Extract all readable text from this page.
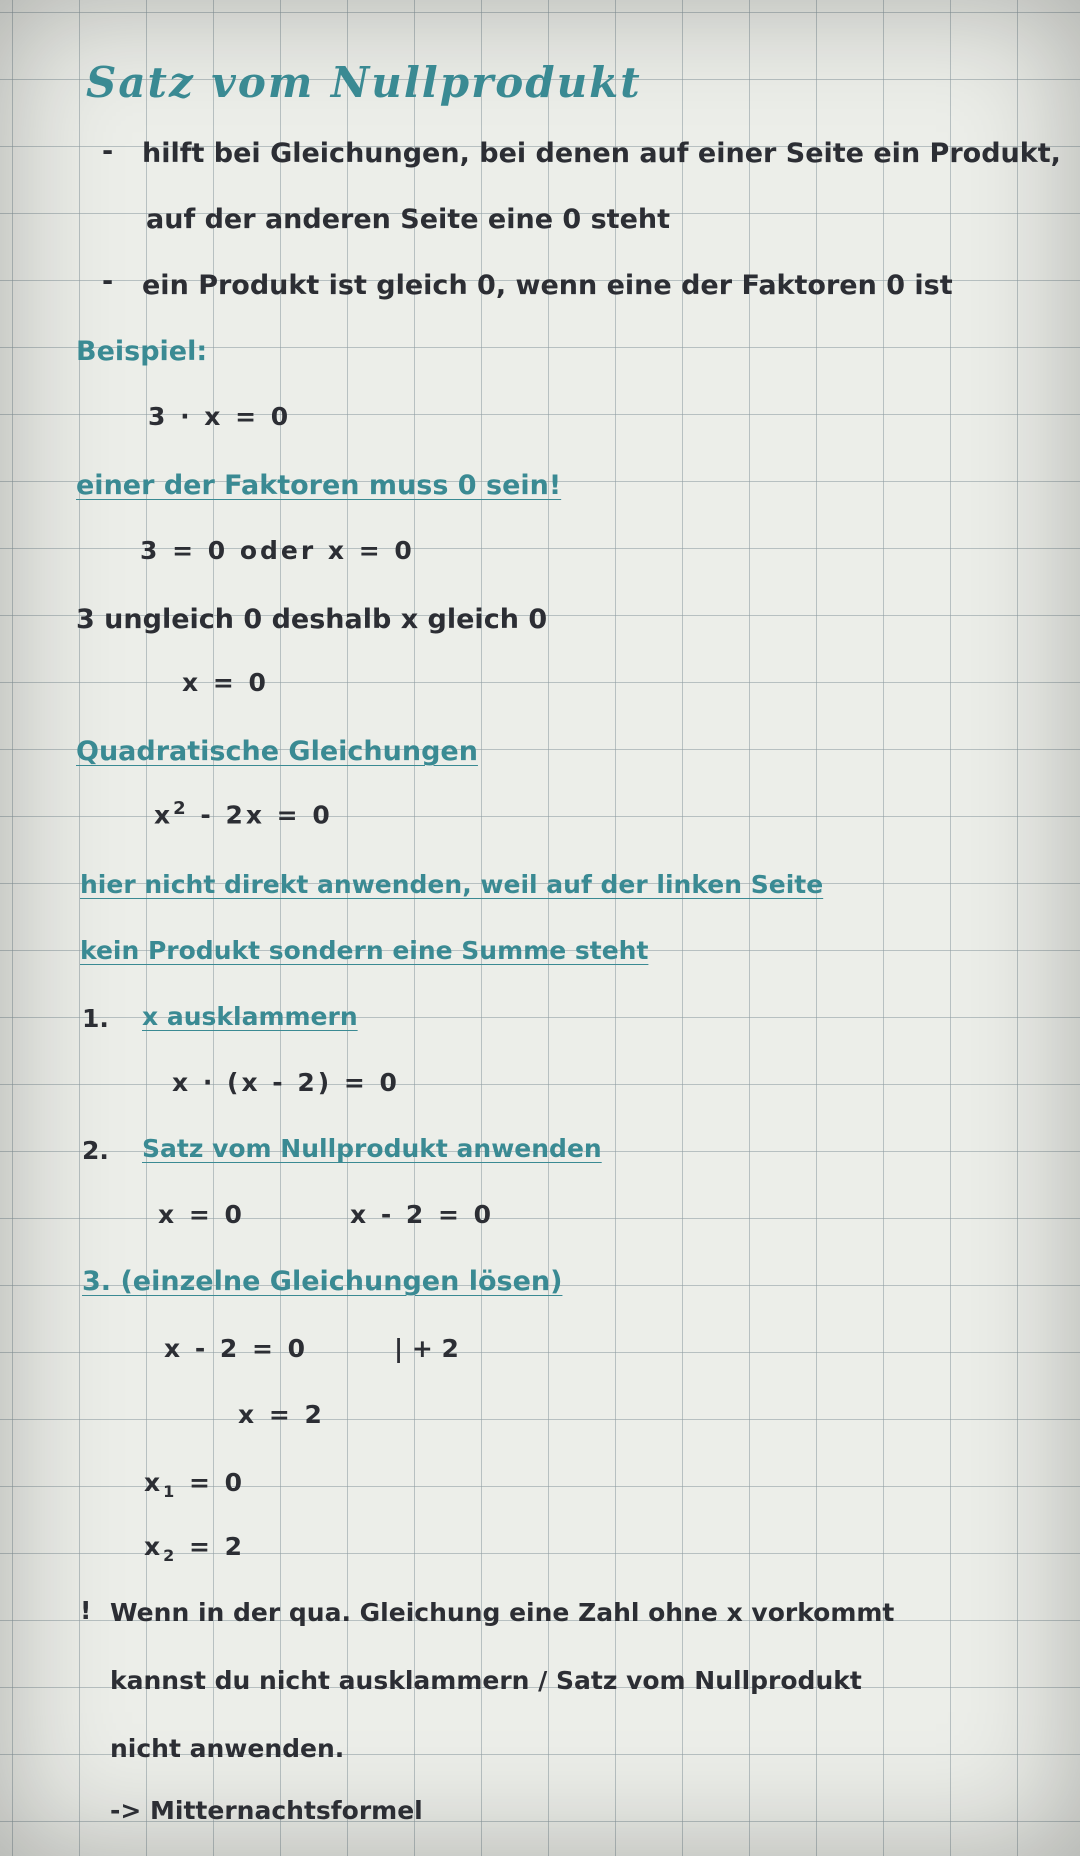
Satz vom Nullprodukt
- hilft bei Gleichungen, bei denen auf einer Seite ein Produkt,
auf der anderen Seite eine 0 steht
- ein Produkt ist gleich 0, wenn eine der Faktoren 0 ist
Beispiel:
3 · x = 0
einer der Faktoren muss 0 sein!
3 = 0 oder x = 0
3 ungleich 0 deshalb x gleich 0
x = 0
Quadratische Gleichungen
$x^2 - 2x = 0$
hier nicht direkt anwenden, weil auf der linken Seite
kein Produkt sondern eine Summe steht
1. x ausklammern
x · (x - 2) = 0
2. Satz vom Nullprodukt anwenden
x = 0	x - 2 = 0
3. (einzelne Gleichungen lösen)
x - 2 = 0	| + 2
x = 2
$x_1 = 0$
$x_2 = 2$
! Wenn in der qua. Gleichung eine Zahl ohne x vorkommt
kannst du nicht ausklammern / Satz vom Nullprodukt
nicht anwenden.
-> Mitternachtsformel
